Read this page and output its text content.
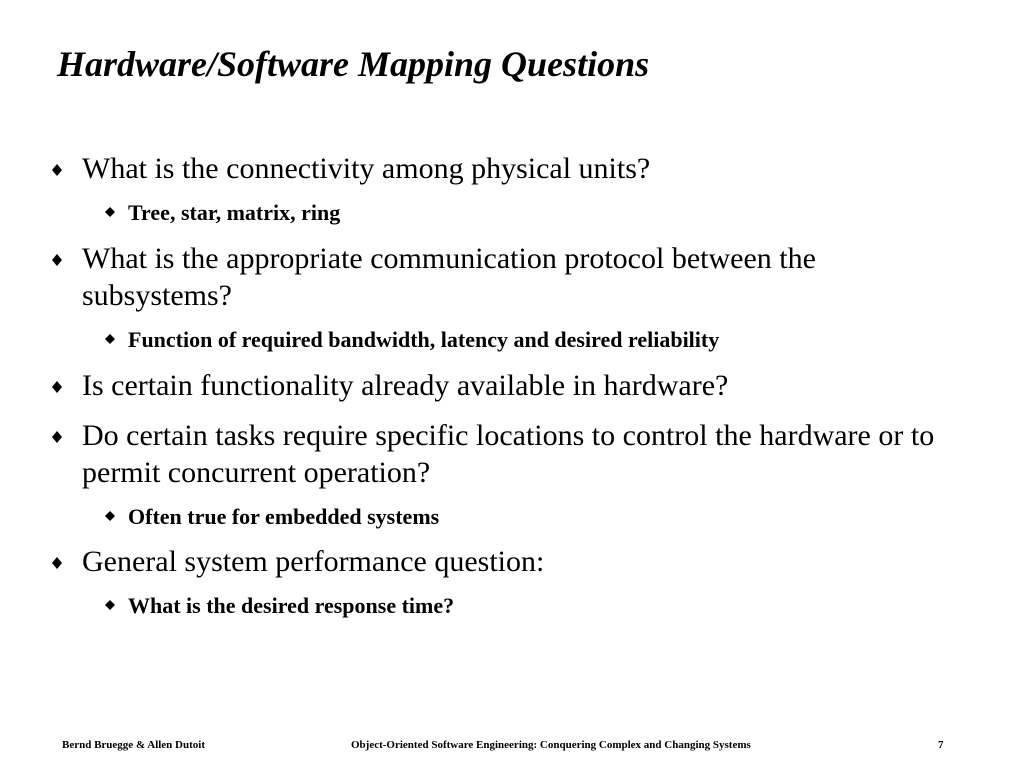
Hardware/Software Mapping Questions
What is the connectivity among physical units?
Tree, star, matrix, ring
What is the appropriate communication protocol between the subsystems?
Function of required bandwidth, latency and desired reliability
Is certain functionality already available in hardware?
Do certain tasks require specific locations to control the hardware or to permit concurrent operation?
Often true for embedded systems
General system performance question:
What is the desired response time?
Bernd Bruegge & Allen Dutoit	Object-Oriented Software Engineering: Conquering Complex and Changing Systems	7
